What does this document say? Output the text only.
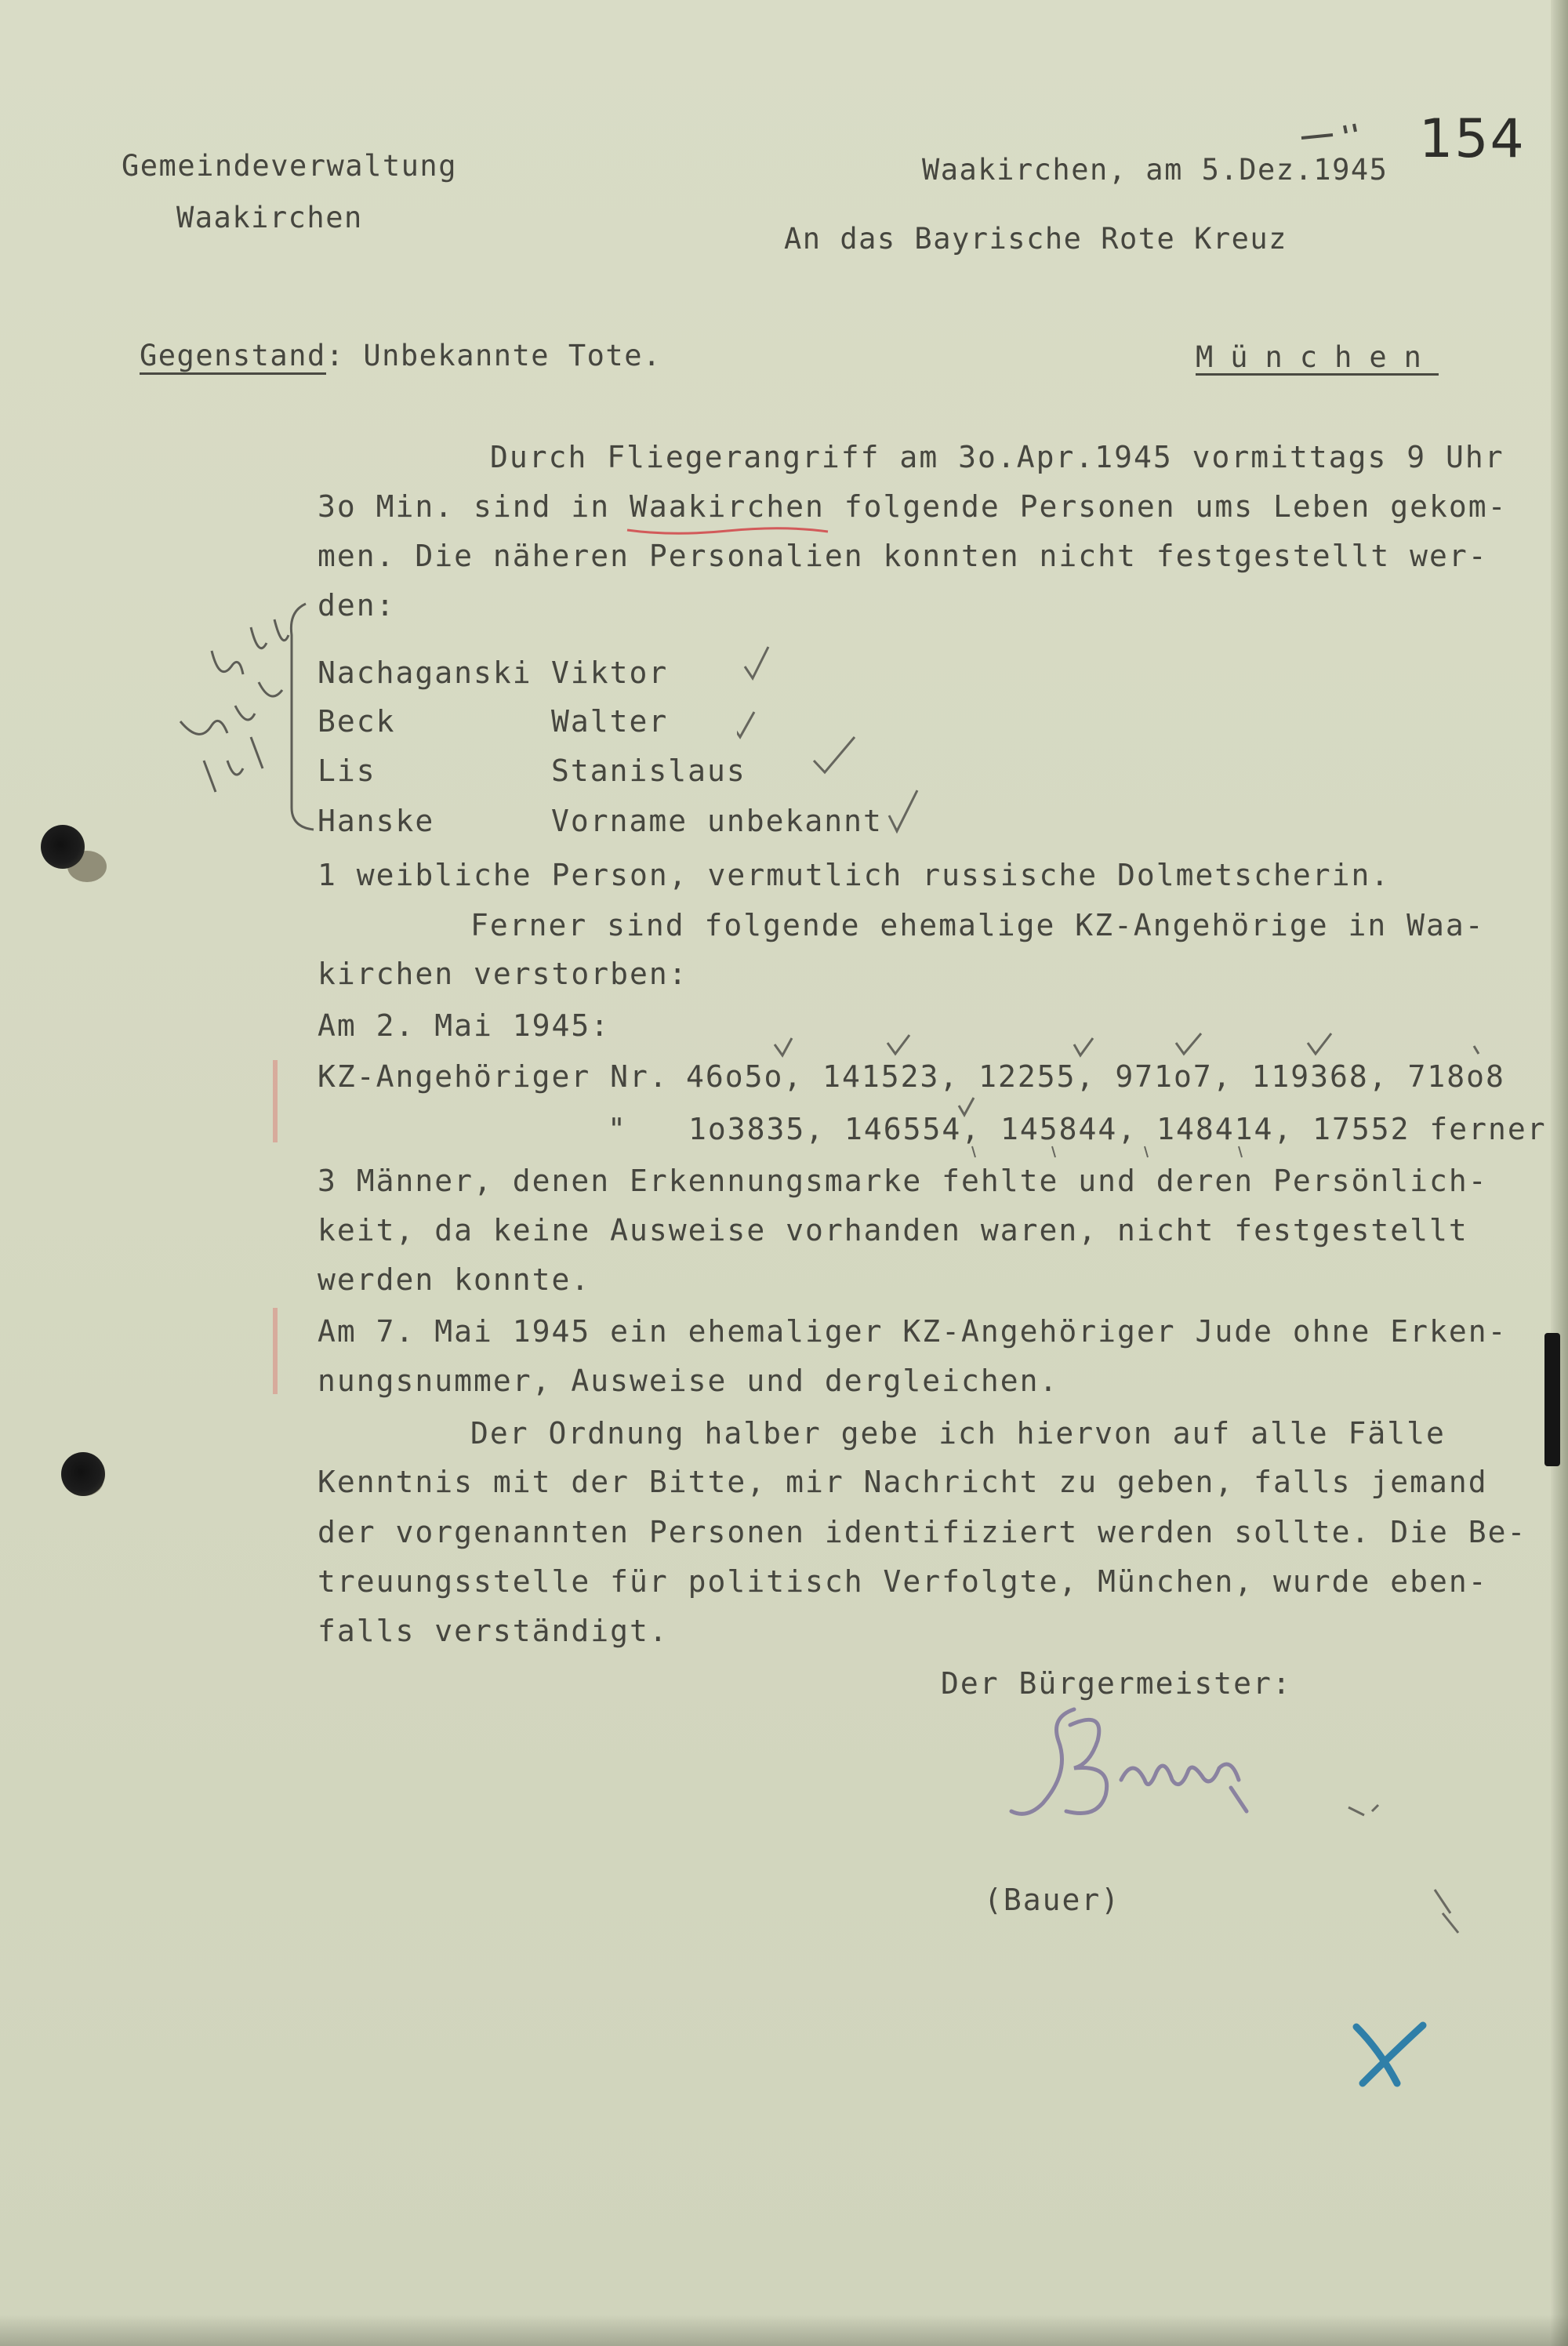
154
Gemeindeverwaltung
Waakirchen
Waakirchen, am 5.Dez.1945
An das Bayrische Rote Kreuz
Gegenstand: Unbekannte Tote.	München
Durch Fliegerangriff am 3o.Apr.1945 vormittags 9 Uhr
3o Min. sind in Waakirchen folgende Personen ums Leben gekom-
men. Die näheren Personalien konnten nicht festgestellt wer-
den:
Nachaganski Viktor
Beck	Walter
Lis	Stanislaus
Hanske	Vorname unbekannt
1 weibliche Person, vermutlich russische Dolmetscherin.
Ferner sind folgende ehemalige KZ-Angehörige in Waa-
kirchen verstorben:
Am 2. Mai 1945:
KZ-Angehöriger Nr. 46o5o, 141523, 12255, 971o7, 119368, 718o8
" 1o3835, 146554, 145844, 148414, 17552 ferner
3 Männer, denen Erkennungsmarke fehlte und deren Persönlich-
keit, da keine Ausweise vorhanden waren, nicht festgestellt
werden konnte.
Am 7. Mai 1945 ein ehemaliger KZ-Angehöriger Jude ohne Erken-
nungsnummer, Ausweise und dergleichen.
Der Ordnung halber gebe ich hiervon auf alle Fälle
Kenntnis mit der Bitte, mir Nachricht zu geben, falls jemand
der vorgenannten Personen identifiziert werden sollte. Die Be-
treuungsstelle für politisch Verfolgte, München, wurde eben-
falls verständigt.
Der Bürgermeister:
(Bauer)
